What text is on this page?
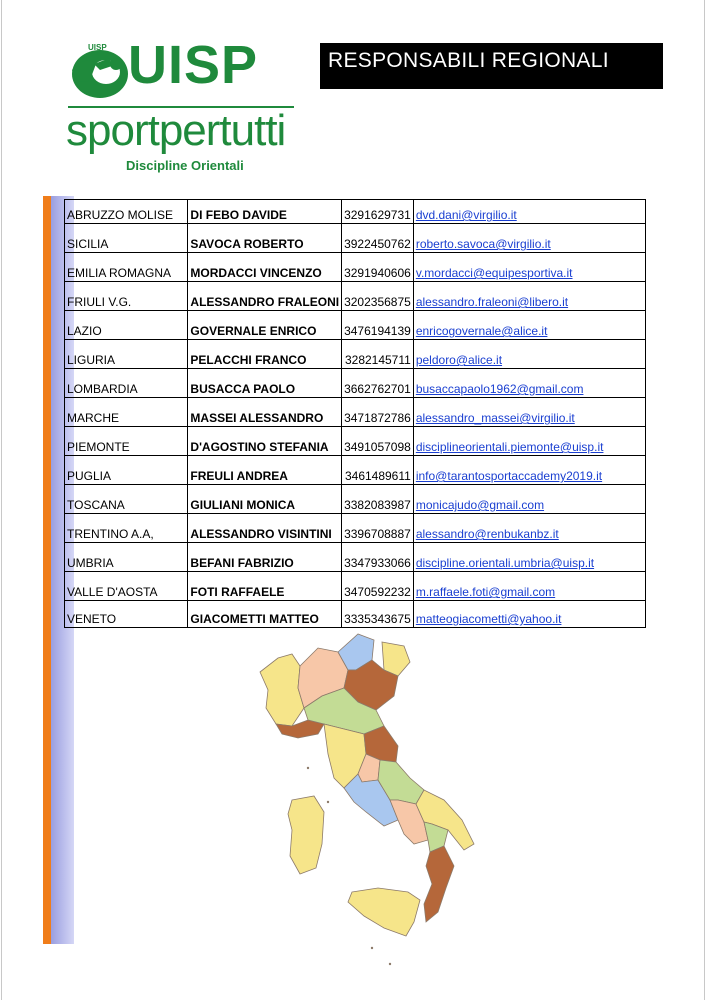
UISP UISP
sportpertutti
Discipline Orientali
RESPONSABILI REGIONALI
ABRUZZO MOLISE	DI FEBO DAVIDE	3291629731	dvd.dani@virgilio.it
SICILIA	SAVOCA ROBERTO	3922450762	roberto.savoca@virgilio.it
EMILIA ROMAGNA	MORDACCI VINCENZO	3291940606	v.mordacci@equipesportiva.it
FRIULI V.G.	ALESSANDRO FRALEONI	3202356875	alessandro.fraleoni@libero.it
LAZIO	GOVERNALE ENRICO	3476194139	enricogovernale@alice.it
LIGURIA	PELACCHI FRANCO	3282145711	peldoro@alice.it
LOMBARDIA	BUSACCA PAOLO	3662762701	busaccapaolo1962@gmail.com
MARCHE	MASSEI ALESSANDRO	3471872786	alessandro_massei@virgilio.it
PIEMONTE	D'AGOSTINO STEFANIA	3491057098	disciplineorientali.piemonte@uisp.it
PUGLIA	FREULI ANDREA	3461489611	info@tarantosportaccademy2019.it
TOSCANA	GIULIANI MONICA	3382083987	monicajudo@gmail.com
TRENTINO A.A,	ALESSANDRO VISINTINI	3396708887	alessandro@renbukanbz.it
UMBRIA	BEFANI FABRIZIO	3347933066	discipline.orientali.umbria@uisp.it
VALLE D'AOSTA	FOTI RAFFAELE	3470592232	m.raffaele.foti@gmail.com
VENETO	GIACOMETTI MATTEO	3335343675	matteogiacometti@yahoo.it
